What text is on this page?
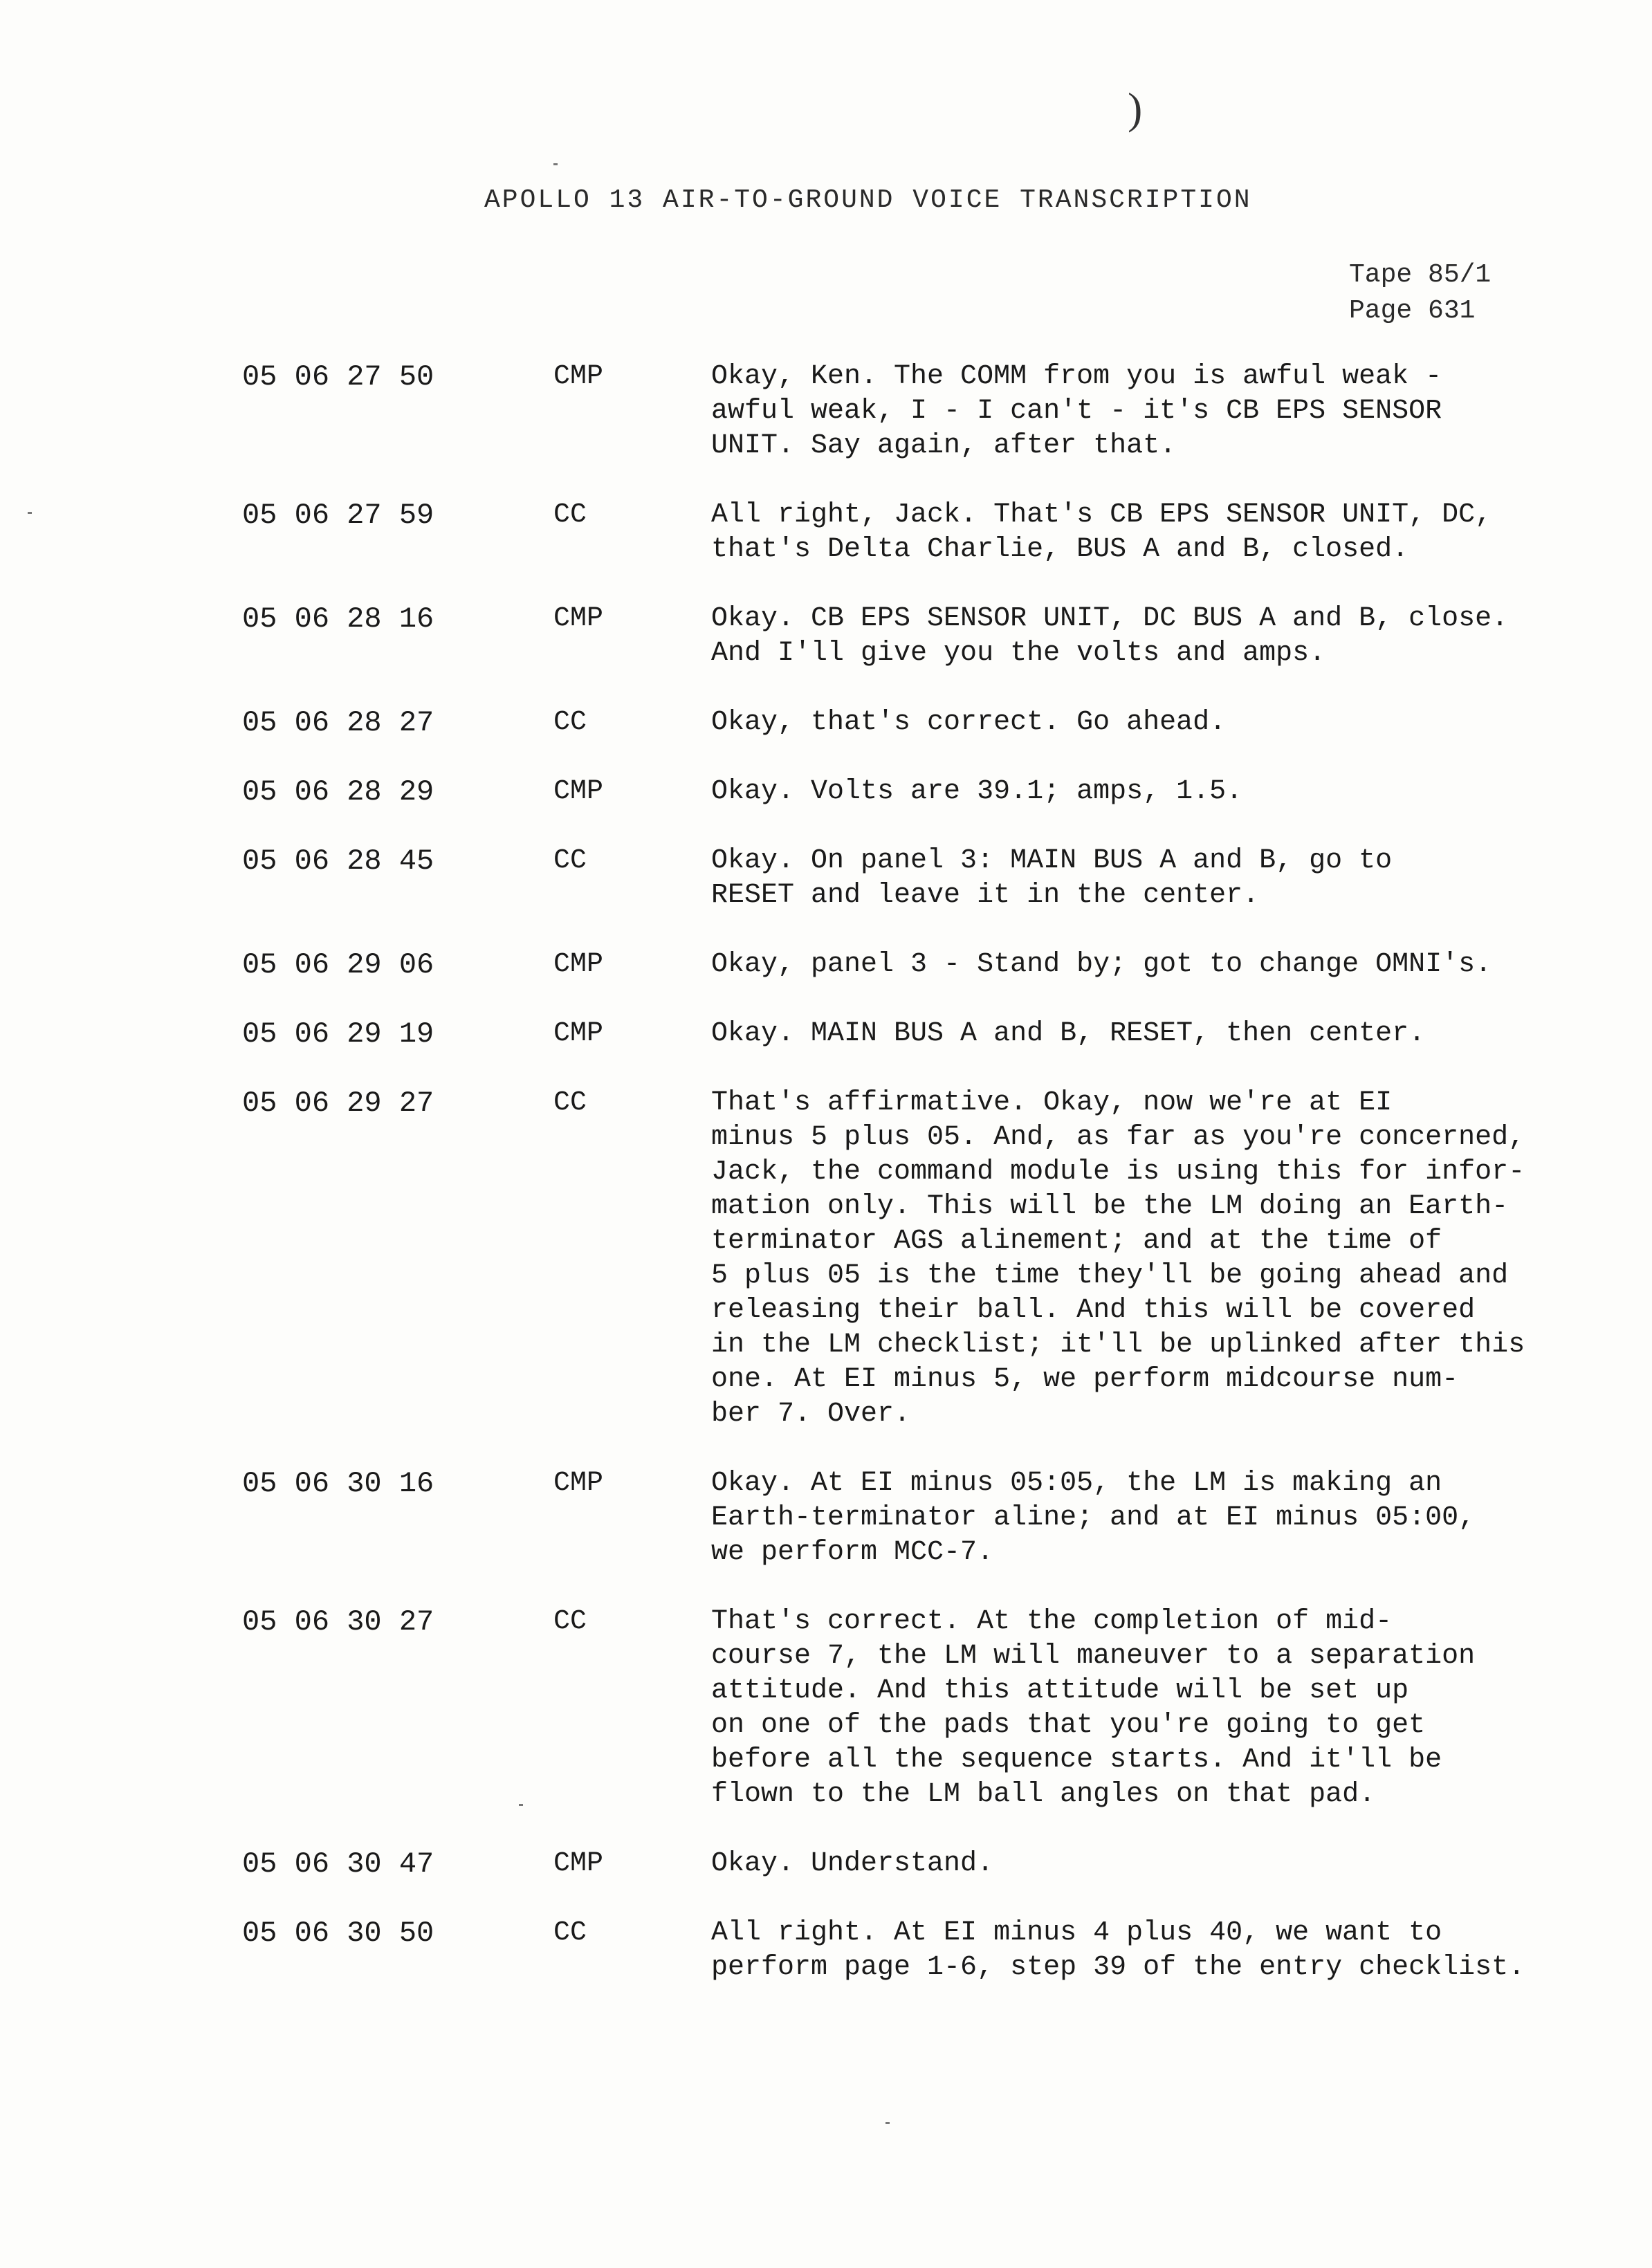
)
APOLLO 13 AIR-TO-GROUND VOICE TRANSCRIPTION
Tape 85/1
Page 631
05 06 27 50	CMP	Okay, Ken. The COMM from you is awful weak -
awful weak, I - I can't - it's CB EPS SENSOR
UNIT. Say again, after that.
05 06 27 59	CC	All right, Jack. That's CB EPS SENSOR UNIT, DC,
that's Delta Charlie, BUS A and B, closed.
05 06 28 16	CMP	Okay. CB EPS SENSOR UNIT, DC BUS A and B, close.
And I'll give you the volts and amps.
05 06 28 27	CC	Okay, that's correct. Go ahead.
05 06 28 29	CMP	Okay. Volts are 39.1; amps, 1.5.
05 06 28 45	CC	Okay. On panel 3: MAIN BUS A and B, go to
RESET and leave it in the center.
05 06 29 06	CMP	Okay, panel 3 - Stand by; got to change OMNI's.
05 06 29 19	CMP	Okay. MAIN BUS A and B, RESET, then center.
05 06 29 27	CC	That's affirmative. Okay, now we're at EI
minus 5 plus 05. And, as far as you're concerned,
Jack, the command module is using this for infor-
mation only. This will be the LM doing an Earth-
terminator AGS alinement; and at the time of
5 plus 05 is the time they'll be going ahead and
releasing their ball. And this will be covered
in the LM checklist; it'll be uplinked after this
one. At EI minus 5, we perform midcourse num-
ber 7. Over.
05 06 30 16	CMP	Okay. At EI minus 05:05, the LM is making an
Earth-terminator aline; and at EI minus 05:00,
we perform MCC-7.
05 06 30 27	CC	That's correct. At the completion of mid-
course 7, the LM will maneuver to a separation
attitude. And this attitude will be set up
on one of the pads that you're going to get
before all the sequence starts. And it'll be
flown to the LM ball angles on that pad.
05 06 30 47	CMP	Okay. Understand.
05 06 30 50	CC	All right. At EI minus 4 plus 40, we want to
perform page 1-6, step 39 of the entry checklist.
